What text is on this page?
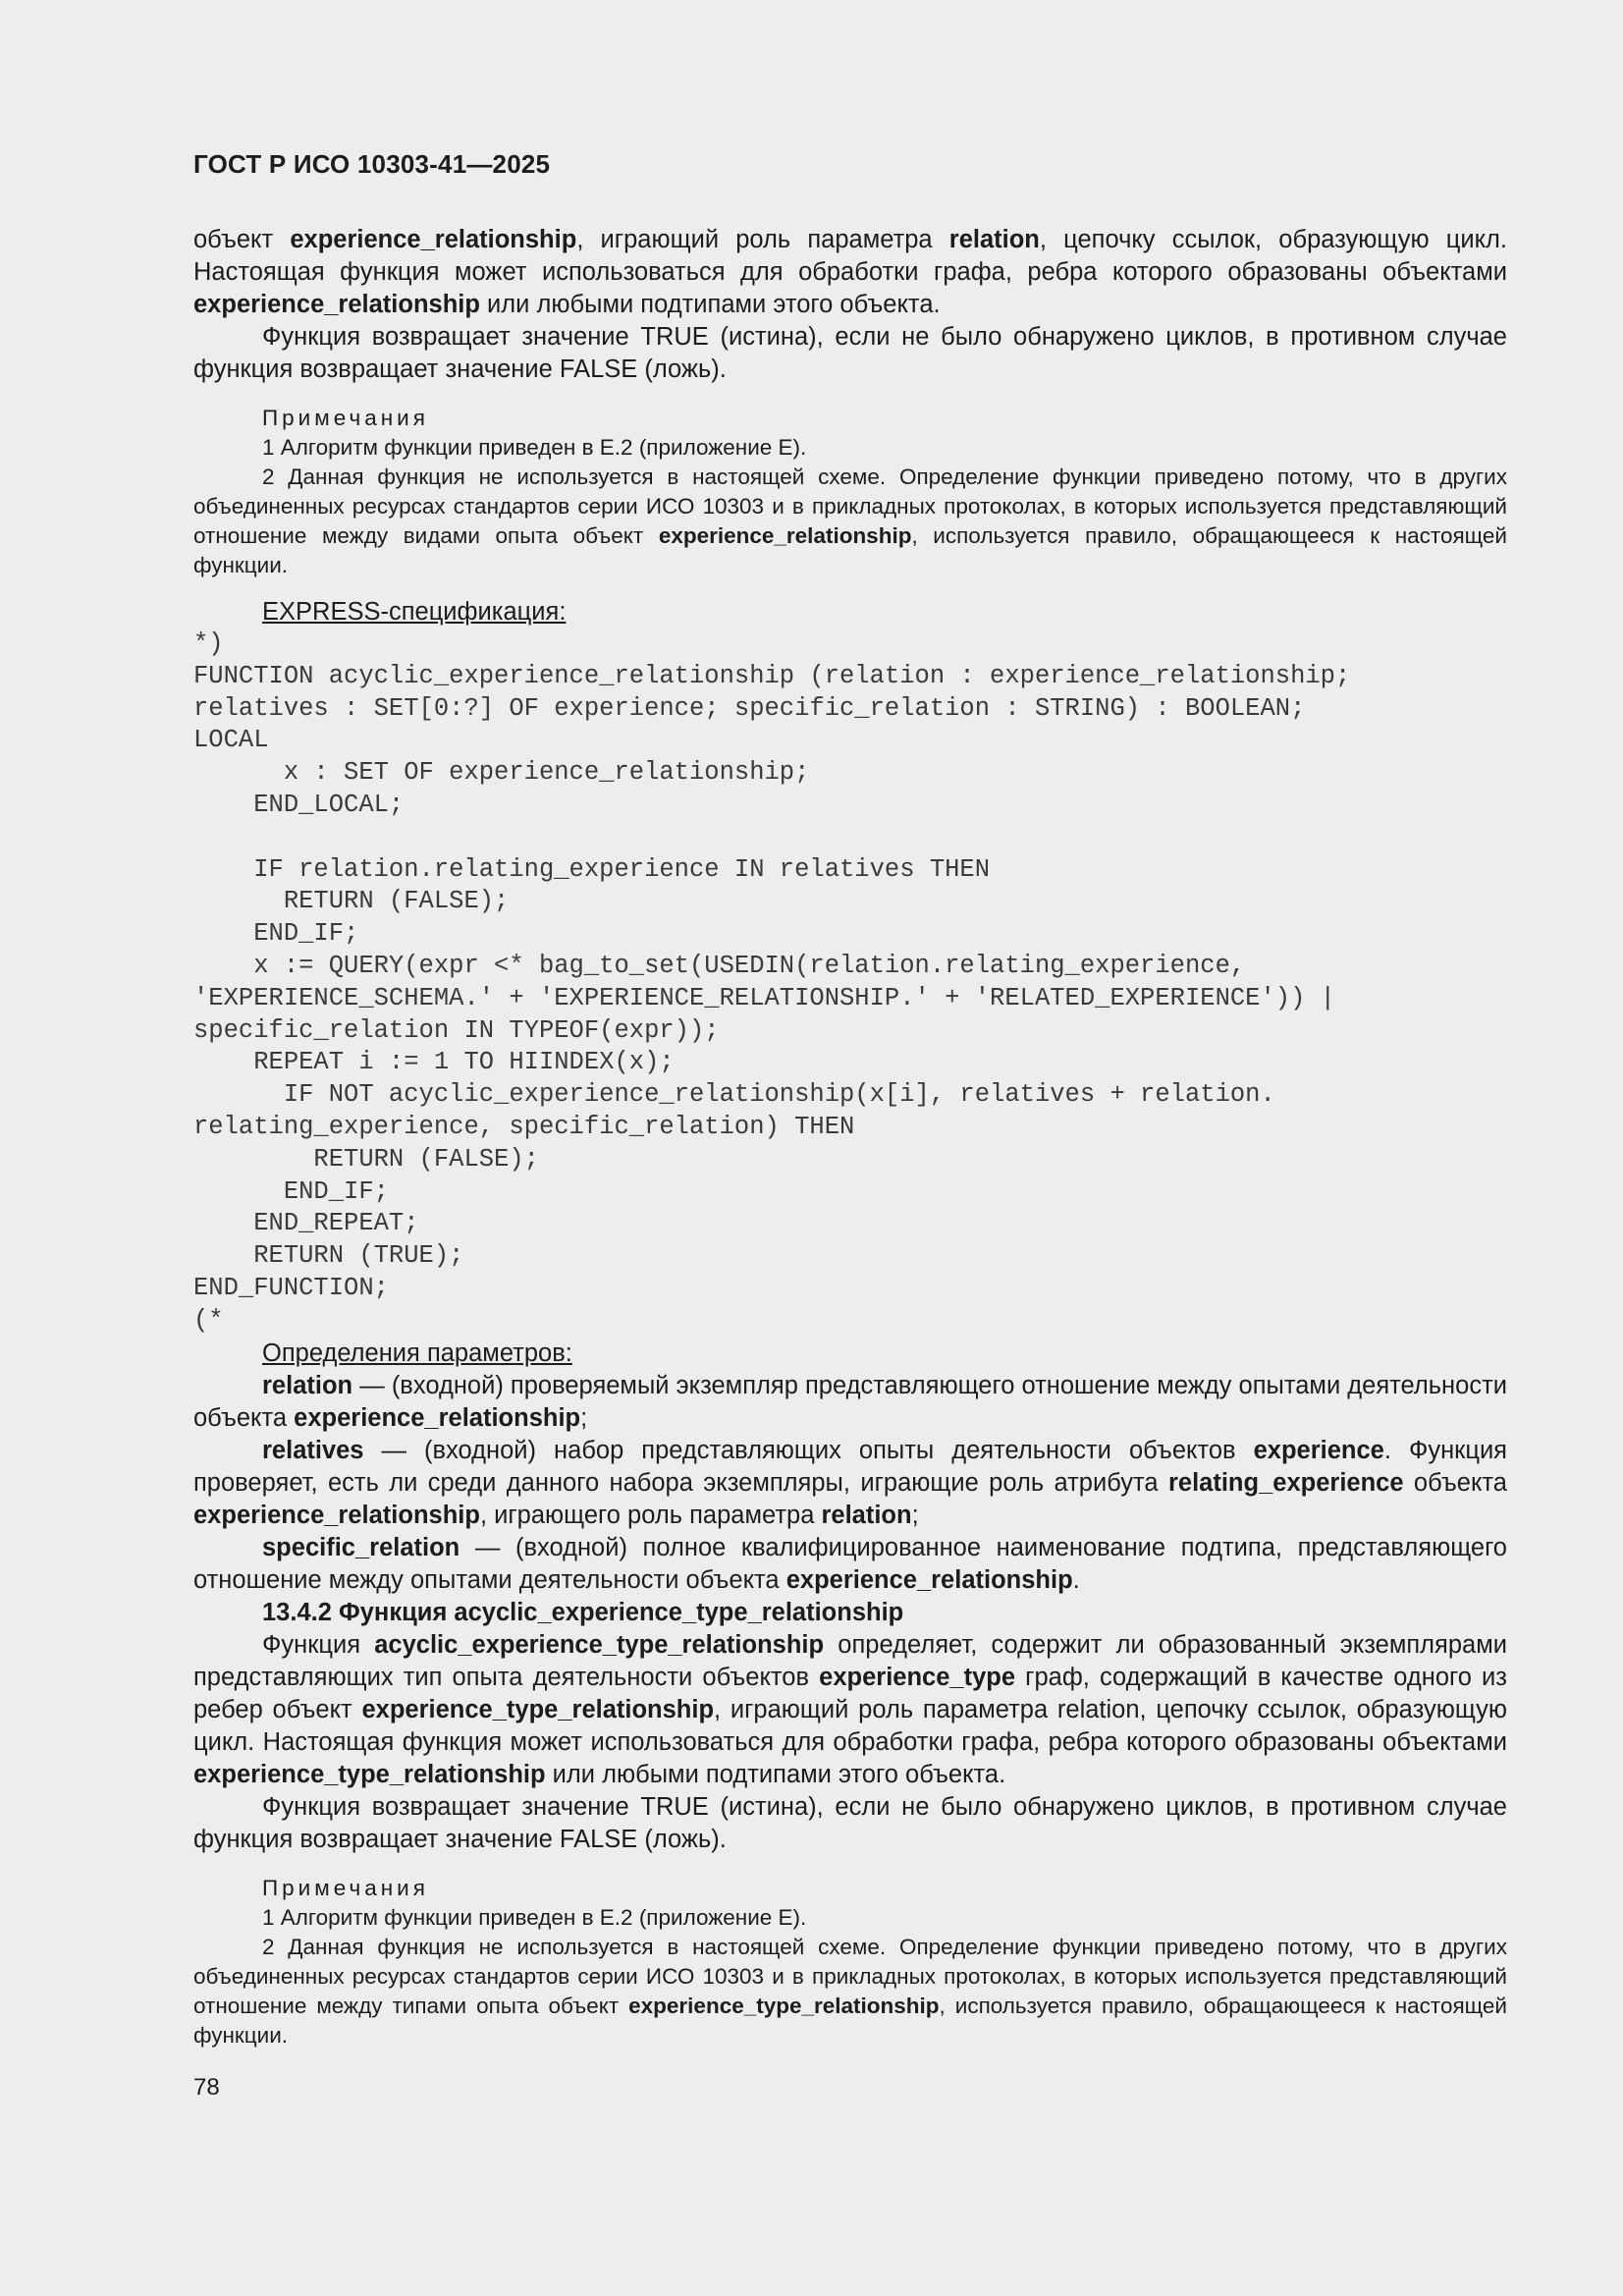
ГОСТ Р ИСО 10303-41—2025

объект experience_relationship, играющий роль параметра relation, цепочку ссылок, образующую цикл. Настоящая функция может использоваться для обработки графа, ребра которого образованы объектами experience_relationship или любыми подтипами этого объекта.

Функция возвращает значение TRUE (истина), если не было обнаружено циклов, в противном случае функция возвращает значение FALSE (ложь).

Примечания

1 Алгоритм функции приведен в Е.2 (приложение Е).

2 Данная функция не используется в настоящей схеме. Определение функции приведено потому, что в других объединенных ресурсах стандартов серии ИСО 10303 и в прикладных протоколах, в которых используется представляющий отношение между видами опыта объект experience_relationship, используется правило, обращающееся к настоящей функции.

EXPRESS-спецификация:

*)
FUNCTION acyclic_experience_relationship (relation : experience_relationship;
relatives : SET[0:?] OF experience; specific_relation : STRING) : BOOLEAN;
LOCAL
x : SET OF experience_relationship;
END_LOCAL;

IF relation.relating_experience IN relatives THEN
RETURN (FALSE);
END_IF;
x := QUERY(expr <* bag_to_set(USEDIN(relation.relating_experience,
'EXPERIENCE_SCHEMA.' + 'EXPERIENCE_RELATIONSHIP.' + 'RELATED_EXPERIENCE')) |
specific_relation IN TYPEOF(expr));
REPEAT i := 1 TO HIINDEX(x);
IF NOT acyclic_experience_relationship(x[i], relatives + relation.
relating_experience, specific_relation) THEN
RETURN (FALSE);
END_IF;
END_REPEAT;
RETURN (TRUE);
END_FUNCTION;
(*

Определения параметров:

relation — (входной) проверяемый экземпляр представляющего отношение между опытами деятельности объекта experience_relationship;

relatives — (входной) набор представляющих опыты деятельности объектов experience. Функция проверяет, есть ли среди данного набора экземпляры, играющие роль атрибута relating_experience объекта experience_relationship, играющего роль параметра relation;

specific_relation — (входной) полное квалифицированное наименование подтипа, представляющего отношение между опытами деятельности объекта experience_relationship.

13.4.2 Функция acyclic_experience_type_relationship

Функция acyclic_experience_type_relationship определяет, содержит ли образованный экземплярами представляющих тип опыта деятельности объектов experience_type граф, содержащий в качестве одного из ребер объект experience_type_relationship, играющий роль параметра relation, цепочку ссылок, образующую цикл. Настоящая функция может использоваться для обработки графа, ребра которого образованы объектами experience_type_relationship или любыми подтипами этого объекта.

Функция возвращает значение TRUE (истина), если не было обнаружено циклов, в противном случае функция возвращает значение FALSE (ложь).

Примечания

1 Алгоритм функции приведен в Е.2 (приложение Е).

2 Данная функция не используется в настоящей схеме. Определение функции приведено потому, что в других объединенных ресурсах стандартов серии ИСО 10303 и в прикладных протоколах, в которых используется представляющий отношение между типами опыта объект experience_type_relationship, используется правило, обращающееся к настоящей функции.

78
